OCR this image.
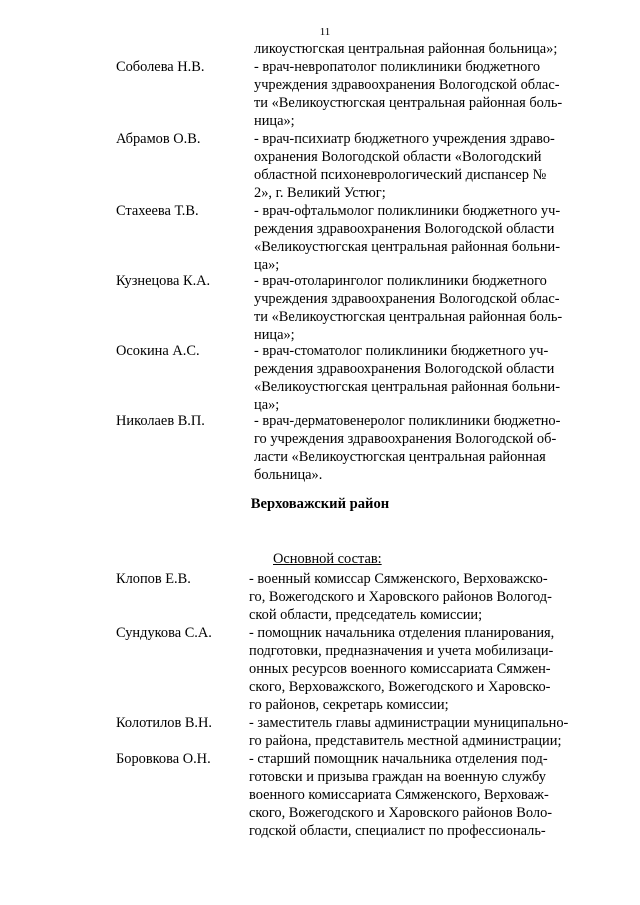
11
ликоустюгская центральная районная больница»;
Соболева Н.В.	- врач-невропатолог поликлиники бюджетного
учреждения здравоохранения Вологодской облас-
ти «Великоустюгская центральная районная боль-
ница»;
Абрамов О.В.	- врач-психиатр бюджетного учреждения здраво-
охранения Вологодской области «Вологодский
областной психоневрологический диспансер №
2», г. Великий Устюг;
Стахеева Т.В.	- врач-офтальмолог поликлиники бюджетного уч-
реждения здравоохранения Вологодской области
«Великоустюгская центральная районная больни-
ца»;
Кузнецова К.А.	- врач-отоларинголог поликлиники бюджетного
учреждения здравоохранения Вологодской облас-
ти «Великоустюгская центральная районная боль-
ница»;
Осокина А.С.	- врач-стоматолог поликлиники бюджетного уч-
реждения здравоохранения Вологодской области
«Великоустюгская центральная районная больни-
ца»;
Николаев В.П.	- врач-дерматовенеролог поликлиники бюджетно-
го учреждения здравоохранения Вологодской об-
ласти «Великоустюгская центральная районная
больница».
Верховажский район
Основной состав:
Клопов Е.В.	- военный комиссар Сямженского, Верховажско-
го, Вожегодского и Харовского районов Вологод-
ской области, председатель комиссии;
Сундукова С.А.	- помощник начальника отделения планирования,
подготовки, предназначения и учета мобилизаци-
онных ресурсов военного комиссариата Сямжен-
ского, Верховажского, Вожегодского и Харовско-
го районов, секретарь комиссии;
Колотилов В.Н.	- заместитель главы администрации муниципально-
го района, представитель местной администрации;
Боровкова О.Н.	- старший помощник начальника отделения под-
готовски и призыва граждан на военную службу
военного комиссариата Сямженского, Верховаж-
ского, Вожегодского и Харовского районов Воло-
годской области, специалист по профессиональ-
